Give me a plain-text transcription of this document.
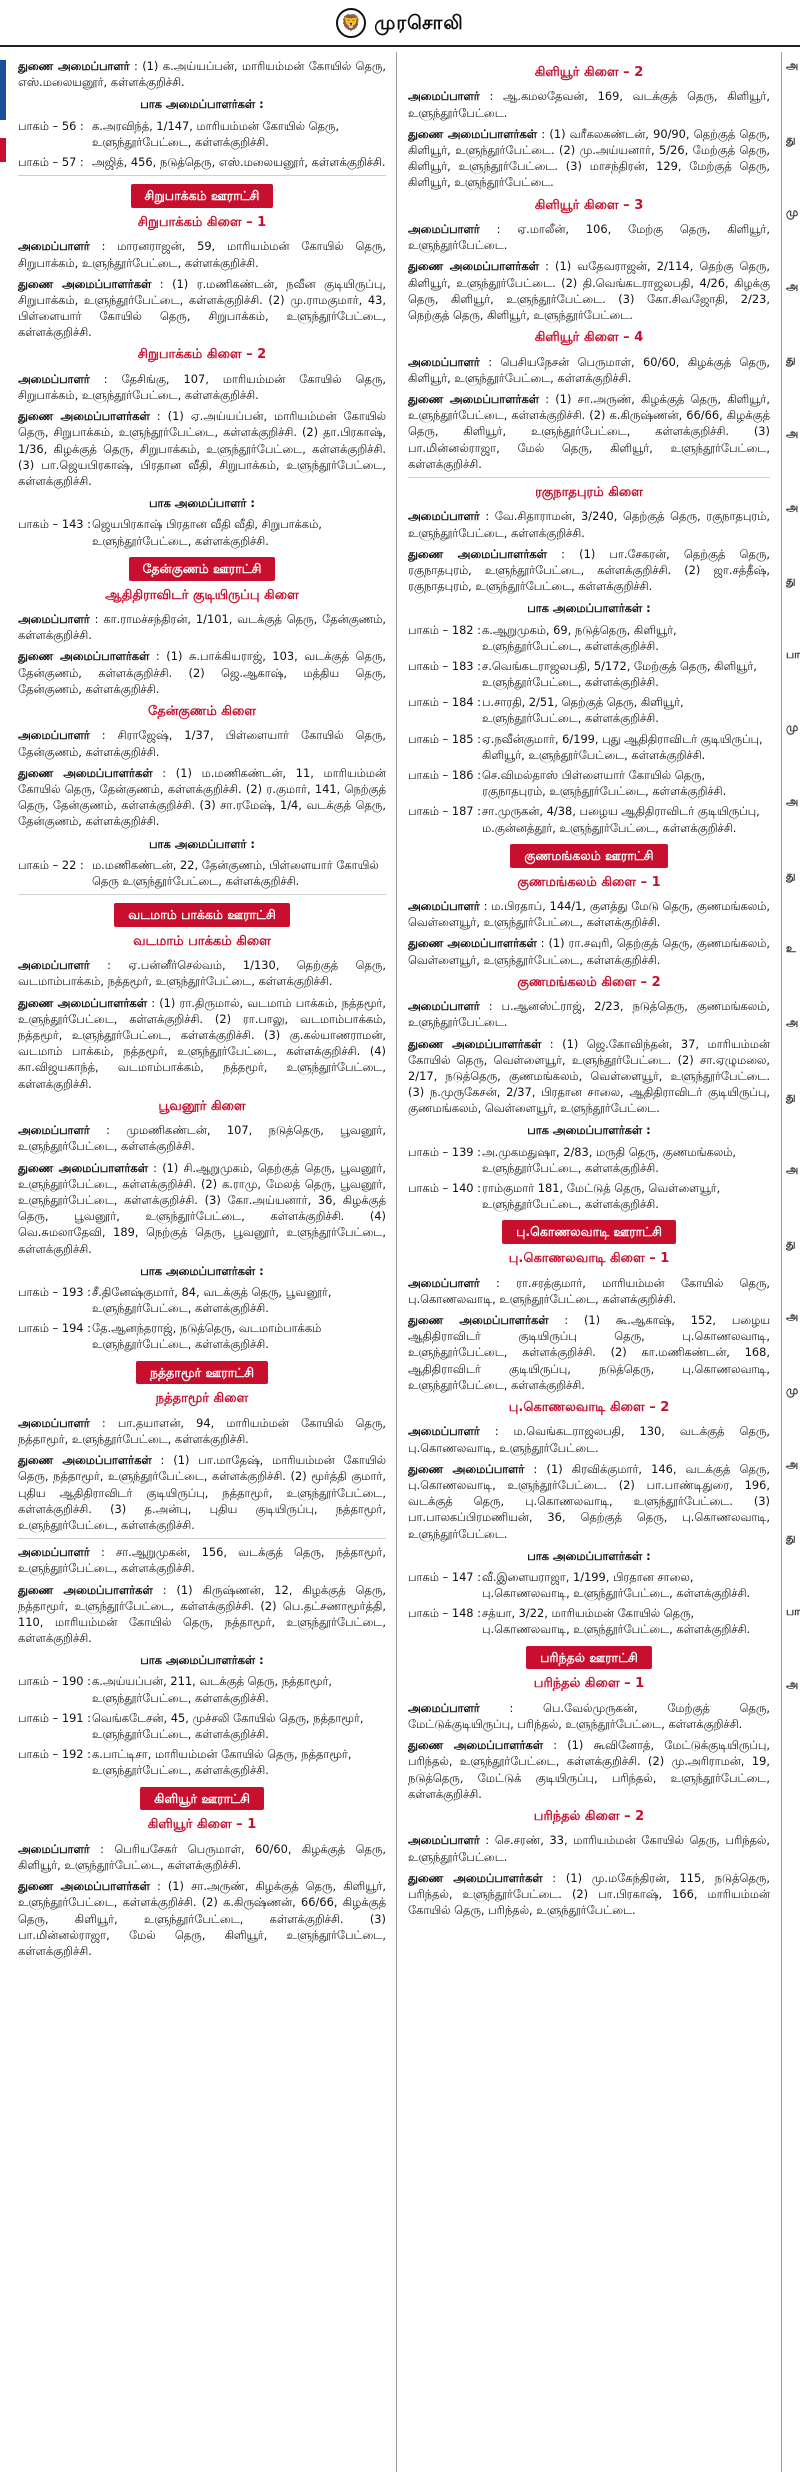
🦁 முரசொலி
துணை அமைப்பாளர் : (1) க.அய்யப்பன், மாரியம்மன் கோயில் தெரு, எஸ்.மலையனூர், கள்ளக்குறிச்சி.
பாக அமைப்பாளர்கள் :
பாகம் – 56 : க.அரவிந்த், 1/147, மாரியம்மன் கோயில் தெரு, உளுந்தூர்பேட்டை, கள்ளக்குறிச்சி.
பாகம் – 57 : அஜித், 456, நடுத்தெரு, எஸ்.மலையனூர், கள்ளக்குறிச்சி.
சிறுபாக்கம் ஊராட்சி
சிறுபாக்கம் கிளை – 1
அமைப்பாளர் : மாரனராஜன், 59, மாரியம்மன் கோயில் தெரு, சிறுபாக்கம், உளுந்தூர்பேட்டை, கள்ளக்குறிச்சி.
துணை அமைப்பாளர்கள் : (1) ர.மணிகண்டன், நவீன குடியிருப்பு, சிறுபாக்கம், உளுந்தூர்பேட்டை, கள்ளக்குறிச்சி. (2) மு.ராமகுமார், 43, பிள்ளையார் கோயில் தெரு, சிறுபாக்கம், உளுந்தூர்பேட்டை, கள்ளக்குறிச்சி.
சிறுபாக்கம் கிளை – 2
அமைப்பாளர் : தேசிங்கு, 107, மாரியம்மன் கோயில் தெரு, சிறுபாக்கம், உளுந்தூர்பேட்டை, கள்ளக்குறிச்சி.
துணை அமைப்பாளர்கள் : (1) ஏ.அய்யப்பன், மாரியம்மன் கோயில் தெரு, சிறுபாக்கம், உளுந்தூர்பேட்டை, கள்ளக்குறிச்சி. (2) தா.பிரகாஷ், 1/36, கிழக்குத் தெரு, சிறுபாக்கம், உளுந்தூர்பேட்டை, கள்ளக்குறிச்சி. (3) பா.ஜெயபிரகாஷ், பிரதான வீதி, சிறுபாக்கம், உளுந்தூர்பேட்டை, கள்ளக்குறிச்சி.
பாக அமைப்பாளர் :
பாகம் – 143 : ஜெயபிரகாஷ் பிரதான வீதி வீதி, சிறுபாக்கம், உளுந்தூர்பேட்டை, கள்ளக்குறிச்சி.
தேன்குணம் ஊராட்சி
ஆதிதிராவிடர் குடியிருப்பு கிளை
அமைப்பாளர் : கா.ராமச்சந்திரன், 1/101, வடக்குத் தெரு, தேன்குணம், கள்ளக்குறிச்சி.
துணை அமைப்பாளர்கள் : (1) சு.பாக்கியராஜ், 103, வடக்குத் தெரு, தேன்குணம், கள்ளக்குறிச்சி. (2) ஜெ.ஆகாஷ், மத்திய தெரு, தேன்குணம், கள்ளக்குறிச்சி.
தேன்குணம் கிளை
அமைப்பாளர் : சிராஜேஷ், 1/37, பிள்ளையார் கோயில் தெரு, தேன்குணம், கள்ளக்குறிச்சி.
துணை அமைப்பாளர்கள் : (1) ம.மணிகண்டன், 11, மாரியம்மன் கோயில் தெரு, தேன்குணம், கள்ளக்குறிச்சி. (2) ர.குமார், 141, நெற்குத் தெரு, தேன்குணம், கள்ளக்குறிச்சி. (3) சா.ரமேஷ், 1/4, வடக்குத் தெரு, தேன்குணம், கள்ளக்குறிச்சி.
பாக அமைப்பாளர் :
பாகம் – 22 : ம.மணிகண்டன், 22, தேன்குணம், பிள்ளையார் கோயில் தெரு உளுந்தூர்பேட்டை, கள்ளக்குறிச்சி.
வடமாம் பாக்கம் ஊராட்சி
வடமாம் பாக்கம் கிளை
அமைப்பாளர் : ஏ.பன்னீர்செல்வம், 1/130, தெற்குத் தெரு, வடமாம்பாக்கம், நத்தமூர், உளுந்தூர்பேட்டை, கள்ளக்குறிச்சி.
துணை அமைப்பாளர்கள் : (1) ரா.திருமால், வடமாம் பாக்கம், நத்தமூர், உளுந்தூர்பேட்டை, கள்ளக்குறிச்சி. (2) ரா.பாலு, வடமாம்பாக்கம், நத்தமூர், உளுந்தூர்பேட்டை, கள்ளக்குறிச்சி. (3) கு.கல்யாணராமன், வடமாம் பாக்கம், நத்தமூர், உளுந்தூர்பேட்டை, கள்ளக்குறிச்சி. (4) கா.விஜயகாந்த், வடமாம்பாக்கம், நத்தமூர், உளுந்தூர்பேட்டை, கள்ளக்குறிச்சி.
பூவனூர் கிளை
அமைப்பாளர் : முமணிகண்டன், 107, நடுத்தெரு, பூவனூர், உளுந்தூர்பேட்டை, கள்ளக்குறிச்சி.
துணை அமைப்பாளர்கள் : (1) சி.ஆறுமுகம், தெற்குத் தெரு, பூவனூர், உளுந்தூர்பேட்டை, கள்ளக்குறிச்சி. (2) க.ராமு, மேலத் தெரு, பூவனூர், உளுந்தூர்பேட்டை, கள்ளக்குறிச்சி. (3) கோ.அய்யனார், 36, கிழக்குத் தெரு, பூவனூர், உளுந்தூர்பேட்டை, கள்ளக்குறிச்சி. (4) வெ.சுமலாதேவி, 189, நெற்குத் தெரு, பூவனூர், உளுந்தூர்பேட்டை, கள்ளக்குறிச்சி.
பாக அமைப்பாளர்கள் :
பாகம் – 193 : சீ.தினேஷ்குமார், 84, வடக்குத் தெரு, பூவனூர், உளுந்தூர்பேட்டை, கள்ளக்குறிச்சி.
பாகம் – 194 : தே.ஆனந்தராஜ், நடுத்தெரு, வடமாம்பாக்கம் உளுந்தூர்பேட்டை, கள்ளக்குறிச்சி.
நத்தாமூர் ஊராட்சி
நத்தாமூர் கிளை
அமைப்பாளர் : பா.தயாளன், 94, மாரியம்மன் கோயில் தெரு, நத்தாமூர், உளுந்தூர்பேட்டை, கள்ளக்குறிச்சி.
துணை அமைப்பாளர்கள் : (1) பா.மாதேஷ், மாரியம்மன் கோயில் தெரு, நத்தாமூர், உளுந்தூர்பேட்டை, கள்ளக்குறிச்சி. (2) மூர்த்தி குமார், புதிய ஆதிதிராவிடர் குடியிருப்பு, நத்தாமூர், உளுந்தூர்பேட்டை, கள்ளக்குறிச்சி. (3) த.அன்பு, புதிய குடியிருப்பு, நத்தாமூர், உளுந்தூர்பேட்டை, கள்ளக்குறிச்சி.
அமைப்பாளர் : சா.ஆறுமுகன், 156, வடக்குத் தெரு, நத்தாமூர், உளுந்தூர்பேட்டை, கள்ளக்குறிச்சி.
துணை அமைப்பாளர்கள் : (1) கிருஷ்ணன், 12, கிழக்குத் தெரு, நத்தாமூர், உளுந்தூர்பேட்டை, கள்ளக்குறிச்சி. (2) பெ.தட்சணாமூர்த்தி, 110, மாரியம்மன் கோயில் தெரு, நத்தாமூர், உளுந்தூர்பேட்டை, கள்ளக்குறிச்சி.
பாக அமைப்பாளர்கள் :
பாகம் – 190 : க.அய்யப்பன், 211, வடக்குத் தெரு, நத்தாமூர், உளுந்தூர்பேட்டை, கள்ளக்குறிச்சி.
பாகம் – 191 : வெங்கடேசன், 45, முச்சலி கோயில் தெரு, நத்தாமூர், உளுந்தூர்பேட்டை, கள்ளக்குறிச்சி.
பாகம் – 192 : க.பாட்டிசா, மாரியம்மன் கோயில் தெரு, நத்தாமூர், உளுந்தூர்பேட்டை, கள்ளக்குறிச்சி.
கிளியூர் ஊராட்சி
கிளியூர் கிளை – 1
அமைப்பாளர் : பெரியசேகர் பெருமாள், 60/60, கிழக்குத் தெரு, கிளியூர், உளுந்தூர்பேட்டை, கள்ளக்குறிச்சி.
துணை அமைப்பாளர்கள் : (1) சா.அருண், கிழக்குத் தெரு, கிளியூர், உளுந்தூர்பேட்டை, கள்ளக்குறிச்சி. (2) க.கிருஷ்ணன், 66/66, கிழக்குத் தெரு, கிளியூர், உளுந்தூர்பேட்டை, கள்ளக்குறிச்சி. (3) பா.மின்னல்ராஜா, மேல் தெரு, கிளியூர், உளுந்தூர்பேட்டை, கள்ளக்குறிச்சி.
கிளியூர் கிளை – 2
அமைப்பாளர் : ஆ.கமலதேவன், 169, வடக்குத் தெரு, கிளியூர், உளுந்தூர்பேட்டை.
துணை அமைப்பாளர்கள் : (1) வரீகலகண்டன், 90/90, தெற்குத் தெரு, கிளியூர், உளுந்தூர்பேட்டை. (2) மு.அய்யனார், 5/26, மேற்குத் தெரு, கிளியூர், உளுந்தூர்பேட்டை. (3) மாசந்திரன், 129, மேற்குத் தெரு, கிளியூர், உளுந்தூர்பேட்டை.
கிளியூர் கிளை – 3
அமைப்பாளர் : ஏ.மாலீன், 106, மேற்கு தெரு, கிளியூர், உளுந்தூர்பேட்டை.
துணை அமைப்பாளர்கள் : (1) வதேவராஜன், 2/114, தெற்கு தெரு, கிளியூர், உளுந்தூர்பேட்டை. (2) தி.வெங்கடராஜலபதி, 4/26, கிழக்கு தெரு, கிளியூர், உளுந்தூர்பேட்டை. (3) கோ.சிவஜோதி, 2/23, நெற்குத் தெரு, கிளியூர், உளுந்தூர்பேட்டை.
கிளியூர் கிளை – 4
அமைப்பாளர் : பெசியநேசன் பெருமாள், 60/60, கிழக்குத் தெரு, கிளியூர், உளுந்தூர்பேட்டை, கள்ளக்குறிச்சி.
துணை அமைப்பாளர்கள் : (1) சா.அருண், கிழக்குத் தெரு, கிளியூர், உளுந்தூர்பேட்டை, கள்ளக்குறிச்சி. (2) க.கிருஷ்ணன், 66/66, கிழக்குத் தெரு, கிளியூர், உளுந்தூர்பேட்டை, கள்ளக்குறிச்சி. (3) பா.மின்னல்ராஜா, மேல் தெரு, கிளியூர், உளுந்தூர்பேட்டை, கள்ளக்குறிச்சி.
ரகுநாதபுரம் கிளை
அமைப்பாளர் : வே.சிதாராமன், 3/240, தெற்குத் தெரு, ரகுநாதபுரம், உளுந்தூர்பேட்டை, கள்ளக்குறிச்சி.
துணை அமைப்பாளர்கள் : (1) பா.சேகரன், தெற்குத் தெரு, ரகுநாதபுரம், உளுந்தூர்பேட்டை, கள்ளக்குறிச்சி. (2) ஜா.சத்தீஷ், ரகுநாதபுரம், உளுந்தூர்பேட்டை, கள்ளக்குறிச்சி.
பாக அமைப்பாளர்கள் :
பாகம் – 182 : க.ஆறுமுகம், 69, நடுத்தெரு, கிளியூர், உளுந்தூர்பேட்டை, கள்ளக்குறிச்சி.
பாகம் – 183 : ச.வெங்கடராஜலபதி, 5/172, மேற்குத் தெரு, கிளியூர், உளுந்தூர்பேட்டை, கள்ளக்குறிச்சி.
பாகம் – 184 : ப.சாரதி, 2/51, தெற்குத் தெரு, கிளியூர், உளுந்தூர்பேட்டை, கள்ளக்குறிச்சி.
பாகம் – 185 : ஏ.நவீன்குமார், 6/199, புது ஆதிதிராவிடர் குடியிருப்பு, கிளியூர், உளுந்தூர்பேட்டை, கள்ளக்குறிச்சி.
பாகம் – 186 : செ.விமல்தாஸ் பிள்ளையார் கோயில் தெரு, ரகுநாதபுரம், உளுந்தூர்பேட்டை, கள்ளக்குறிச்சி.
பாகம் – 187 : சா.முருகன், 4/38, பழைய ஆதிதிராவிடர் குடியிருப்பு, ம.குன்னத்தூர், உளுந்தூர்பேட்டை, கள்ளக்குறிச்சி.
குணமங்கலம் ஊராட்சி
குணமங்கலம் கிளை – 1
அமைப்பாளர் : ம.பிரதாப், 144/1, குளத்து மேடு தெரு, குணமங்கலம், வெள்ளையூர், உளுந்தூர்பேட்டை, கள்ளக்குறிச்சி.
துணை அமைப்பாளர்கள் : (1) ரா.சவுரி, தெற்குத் தெரு, குணமங்கலம், வெள்ளையூர், உளுந்தூர்பேட்டை, கள்ளக்குறிச்சி.
குணமங்கலம் கிளை – 2
அமைப்பாளர் : ப.ஆனஸ்ட்ராஜ், 2/23, நடுத்தெரு, குணமங்கலம், உளுந்தூர்பேட்டை.
துணை அமைப்பாளர்கள் : (1) ஜெ.கோவிந்தன், 37, மாரியம்மன் கோயில் தெரு, வெள்ளையூர், உளுந்தூர்பேட்டை. (2) சா.ஏழுமலை, 2/17, நடுத்தெரு, குணமங்கலம், வெள்ளையூர், உளுந்தூர்பேட்டை. (3) ந.முருகேசன், 2/37, பிரதான சாலை, ஆதிதிராவிடர் குடியிருப்பு, குணமங்கலம், வெள்ளையூர், உளுந்தூர்பேட்டை.
பாக அமைப்பாளர்கள் :
பாகம் – 139 : அ.முகமதுஷா, 2/83, மருதி தெரு, குணமங்கலம், உளுந்தூர்பேட்டை, கள்ளக்குறிச்சி.
பாகம் – 140 : ராம்குமார் 181, மேட்டுத் தெரு, வெள்ளையூர், உளுந்தூர்பேட்டை, கள்ளக்குறிச்சி.
பு.கொணலவாடி ஊராட்சி
பு.கொணலவாடி கிளை – 1
அமைப்பாளர் : ரா.சரத்குமார், மாரியம்மன் கோயில் தெரு, பு.கொணலவாடி, உளுந்தூர்பேட்டை, கள்ளக்குறிச்சி.
துணை அமைப்பாளர்கள் : (1) கூ.ஆகாஷ், 152, பழைய ஆதிதிராவிடர் குடியிருப்பு தெரு, பு.கொணலவாடி, உளுந்தூர்பேட்டை, கள்ளக்குறிச்சி. (2) கா.மணிகண்டன், 168, ஆதிதிராவிடர் குடியிருப்பு, நடுத்தெரு, பு.கொணலவாடி, உளுந்தூர்பேட்டை, கள்ளக்குறிச்சி.
பு.கொணலவாடி கிளை – 2
அமைப்பாளர் : ம.வெங்கடராஜலபதி, 130, வடக்குத் தெரு, பு.கொணலவாடி, உளுந்தூர்பேட்டை.
துணை அமைப்பாளர் : (1) கிரவிக்குமார், 146, வடக்குத் தெரு, பு.கொணலவாடி, உளுந்தூர்பேட்டை. (2) பா.பாண்டிதுரை, 196, வடக்குத் தெரு, பு.கொணலவாடி, உளுந்தூர்பேட்டை. (3) பா.பாலகப்பிரமணியன், 36, தெற்குத் தெரு, பு.கொணலவாடி, உளுந்தூர்பேட்டை.
பாக அமைப்பாளர்கள் :
பாகம் – 147 : வீ.இளையராஜா, 1/199, பிரதான சாலை, பு.கொணலவாடி, உளுந்தூர்பேட்டை, கள்ளக்குறிச்சி.
பாகம் – 148 : சத்யா, 3/22, மாரியம்மன் கோயில் தெரு, பு.கொணலவாடி, உளுந்தூர்பேட்டை, கள்ளக்குறிச்சி.
பரிந்தல் ஊராட்சி
பரிந்தல் கிளை – 1
அமைப்பாளர்	: பெ.வேல்முருகன், மேற்குத் தெரு, மேட்டுக்குடியிருப்பு, பரிந்தல், உளுந்தூர்பேட்டை, கள்ளக்குறிச்சி.
துணை அமைப்பாளர்கள் : (1) கூவினோத், மேட்டுக்குடியிருப்பு, பரிந்தல், உளுந்தூர்பேட்டை, கள்ளக்குறிச்சி. (2) மு.அரிராமன், 19, நடுத்தெரு, மேட்டுக் குடியிருப்பு, பரிந்தல், உளுந்தூர்பேட்டை, கள்ளக்குறிச்சி.
பரிந்தல் கிளை – 2
அமைப்பாளர் : செ.சரண், 33, மாரியம்மன் கோயில் தெரு, பரிந்தல், உளுந்தூர்பேட்டை.
துணை அமைப்பாளர்கள் : (1) மு.மகேந்திரன், 115, நடுத்தெரு, பரிந்தல், உளுந்தூர்பேட்டை. (2) பா.பிரகாஷ், 166, மாரியம்மன் கோயில் தெரு, பரிந்தல், உளுந்தூர்பேட்டை.
அ
து
மு
அ
து
அ
அ
து
பா
மு
அ
து
உ
அ
து
அ
து
அ
மு
அ
து
பா
அ
